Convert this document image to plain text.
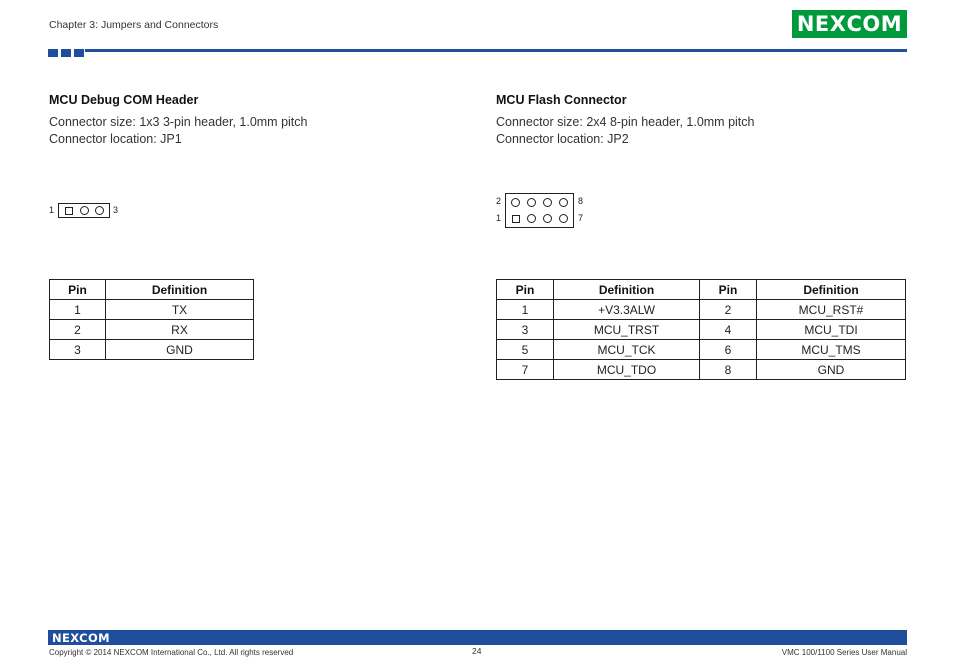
Chapter 3: Jumpers and Connectors	NE X COM
MCU Debug COM Header
Connector size: 1x3 3-pin header, 1.0mm pitch
Connector location: JP1
1	3
Pin	Definition
1	TX
2	RX
3	GND
MCU Flash Connector
Connector size: 2x4 8-pin header, 1.0mm pitch
Connector location: JP2
2
1
8
7
Pin	Definition	Pin	Definition
1	+V3.3ALW	2	MCU_RST#
3	MCU_TRST	4	MCU_TDI
5	MCU_TCK	6	MCU_TMS
7	MCU_TDO	8	GND
NEXCOM
Copyright © 2014 NEXCOM International Co., Ltd. All rights reserved	24	VMC 100/1100 Series User Manual
